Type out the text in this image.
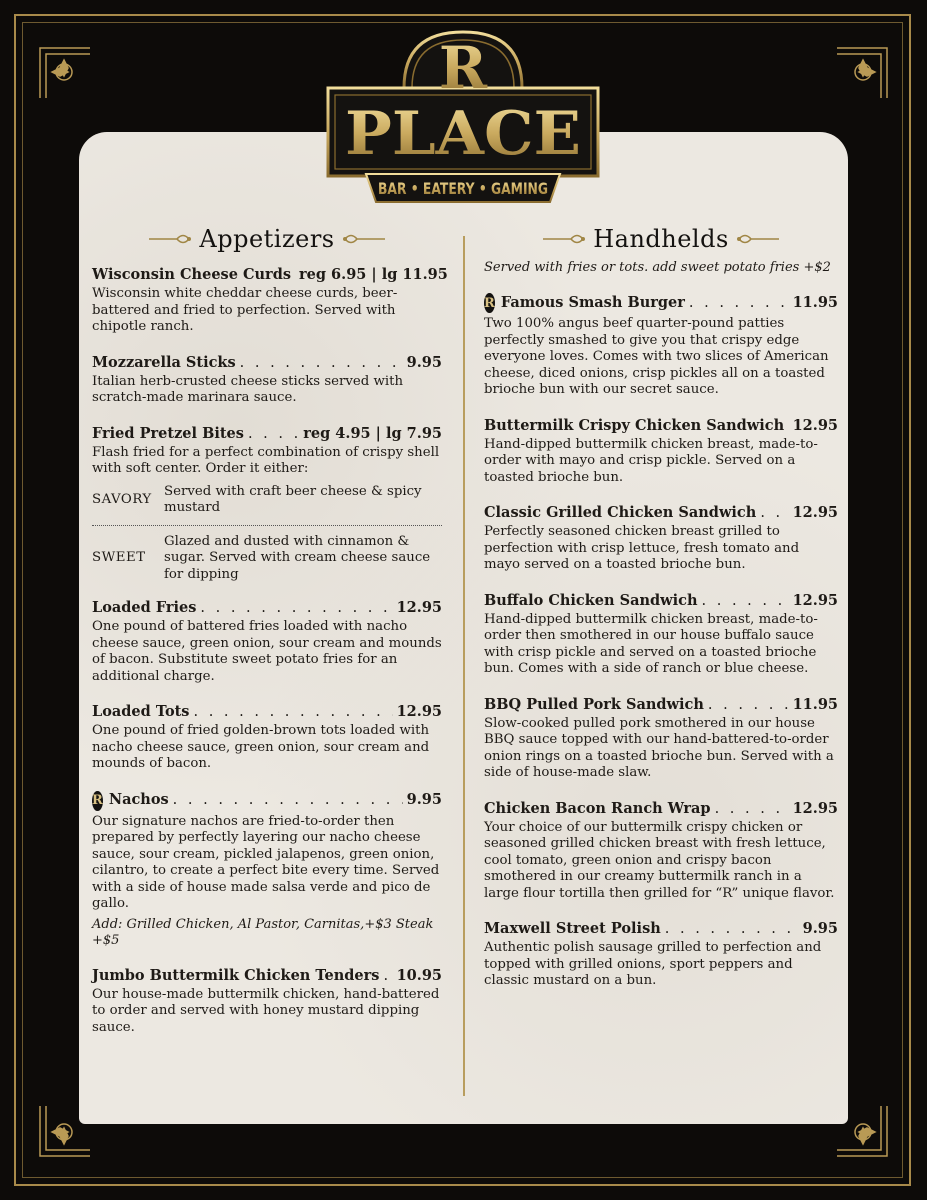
R
PLACE
BAR • EATERY • GAMING
Appetizers
Wisconsin Cheese Curds reg 6.95 | lg 11.95
Wisconsin white cheddar cheese curds, beer-battered and fried to perfection. Served with chipotle ranch.
Mozzarella Sticks . . .	9.95
Italian herb-crusted cheese sticks served with scratch-made marinara sauce.
Fried Pretzel Bites . . .	reg 4.95 | lg 7.95
Flash fried for a perfect combination of crispy shell with soft center. Order it either:
SAVORY
Served with craft beer cheese & spicy mustard
SWEET
Glazed and dusted with cinnamon & sugar. Served with cream cheese sauce for dipping
Loaded Fries . . .	12.95
One pound of battered fries loaded with nacho cheese sauce, green onion, sour cream and mounds of bacon. Substitute sweet potato fries for an additional charge.
Loaded Tots . . .	12.95
One pound of fried golden-brown tots loaded with nacho cheese sauce, green onion, sour cream and mounds of bacon.
R Nachos . . .	9.95
Our signature nachos are fried-to-order then prepared by perfectly layering our nacho cheese sauce, sour cream, pickled jalapenos, green onion, cilantro, to create a perfect bite every time. Served with a side of house made salsa verde and pico de gallo.
Add: Grilled Chicken, Al Pastor, Carnitas,+$3 Steak +$5
Jumbo Buttermilk Chicken Tenders . . . 10.95
Our house-made buttermilk chicken, hand-battered to order and served with honey mustard dipping sauce.
Handhelds
Served with fries or tots. add sweet potato fries +$2
R Famous Smash Burger . . .	11.95
Two 100% angus beef quarter-pound patties perfectly smashed to give you that crispy edge everyone loves. Comes with two slices of American cheese, diced onions, crisp pickles all on a toasted brioche bun with our secret sauce.
Buttermilk Crispy Chicken Sandwich . . . 12.95
Hand-dipped buttermilk chicken breast, made-to-order with mayo and crisp pickle. Served on a toasted brioche bun.
Classic Grilled Chicken Sandwich . . .	12.95
Perfectly seasoned chicken breast grilled to perfection with crisp lettuce, fresh tomato and mayo served on a toasted brioche bun.
Buffalo Chicken Sandwich . . .	12.95
Hand-dipped buttermilk chicken breast, made-to-order then smothered in our house buffalo sauce with crisp pickle and served on a toasted brioche bun. Comes with a side of ranch or blue cheese.
BBQ Pulled Pork Sandwich . . .	11.95
Slow-cooked pulled pork smothered in our house BBQ sauce topped with our hand-battered-to-order onion rings on a toasted brioche bun. Served with a side of house-made slaw.
Chicken Bacon Ranch Wrap . . .	12.95
Your choice of our buttermilk crispy chicken or seasoned grilled chicken breast with fresh lettuce, cool tomato, green onion and crispy bacon smothered in our creamy buttermilk ranch in a large flour tortilla then grilled for “R” unique flavor.
Maxwell Street Polish . . .	9.95
Authentic polish sausage grilled to perfection and topped with grilled onions, sport peppers and classic mustard on a bun.
